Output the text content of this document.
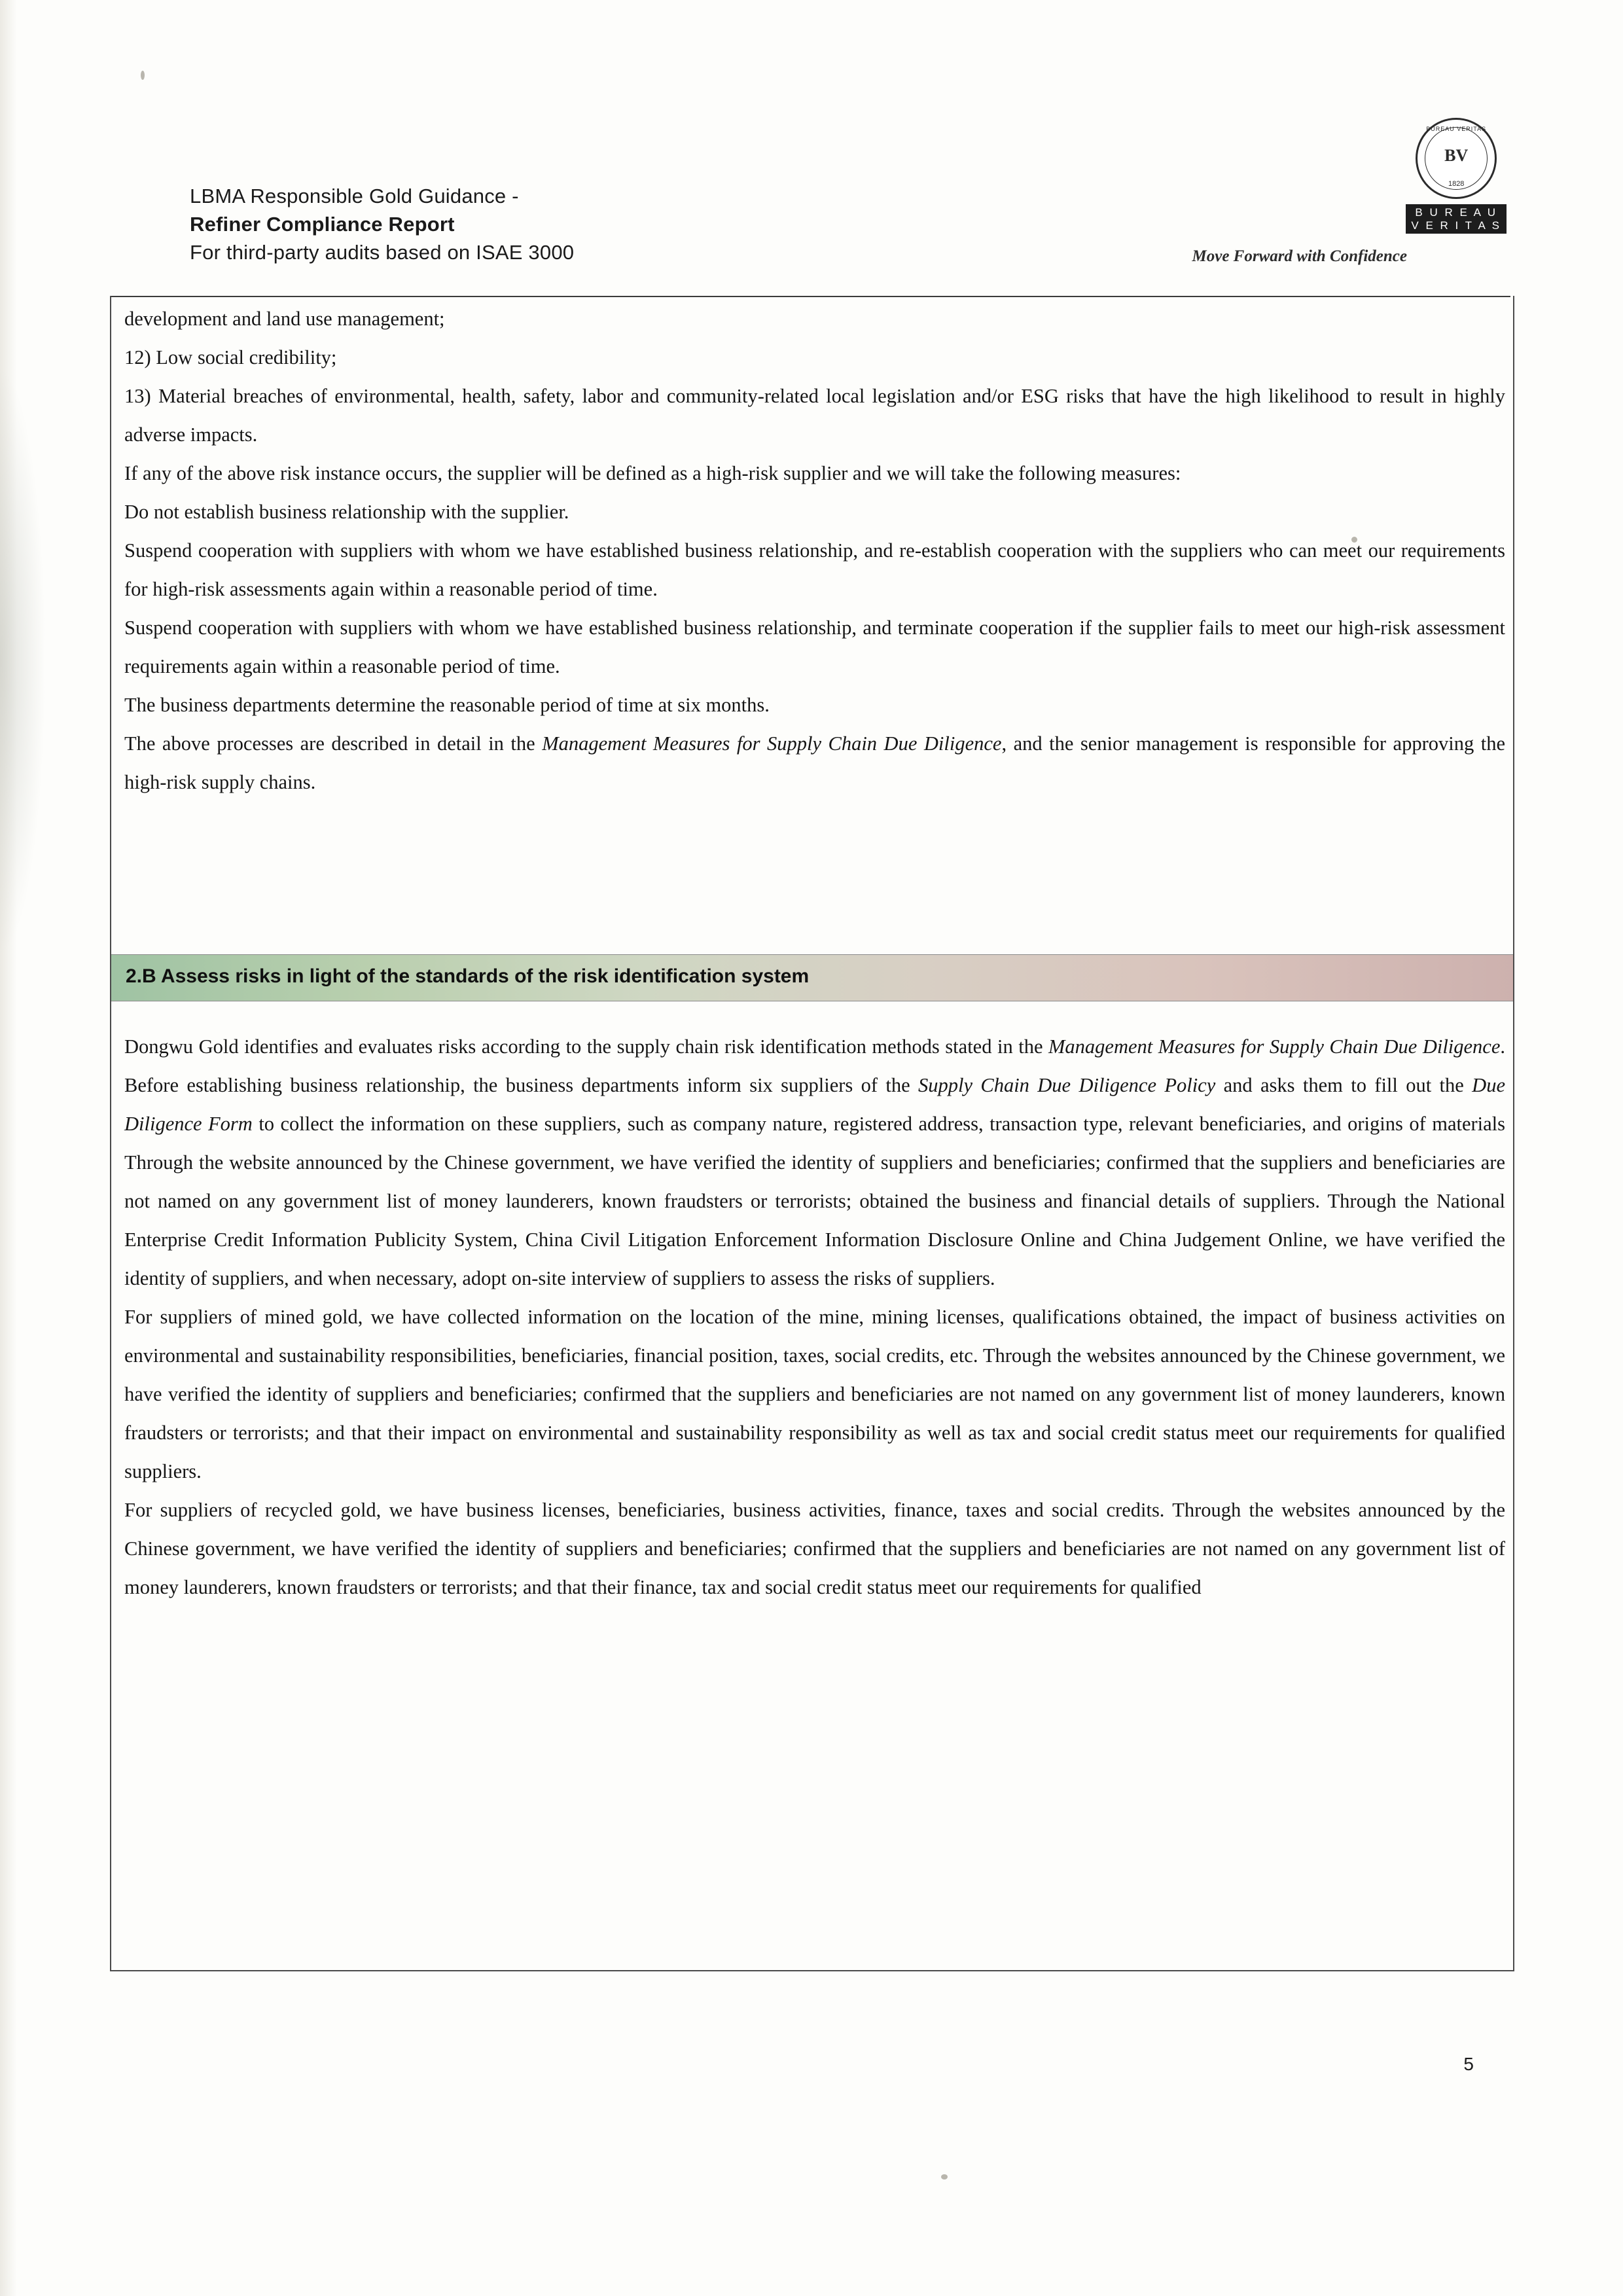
LBMA Responsible Gold Guidance -
Refiner Compliance Report
For third-party audits based on ISAE 3000	Move Forward with Confidence
BUREAU VERITAS
BV
1828
B U R E A U
V E R I T A S

development and land use management;

12) Low social credibility;

13) Material breaches of environmental, health, safety, labor and community-related local legislation and/or ESG risks that have the high likelihood to result in highly adverse impacts.

If any of the above risk instance occurs, the supplier will be defined as a high-risk supplier and we will take the following measures:

Do not establish business relationship with the supplier.

Suspend cooperation with suppliers with whom we have established business relationship, and re-establish cooperation with the suppliers who can meet our requirements for high-risk assessments again within a reasonable period of time.

Suspend cooperation with suppliers with whom we have established business relationship, and terminate cooperation if the supplier fails to meet our high-risk assessment requirements again within a reasonable period of time.

The business departments determine the reasonable period of time at six months.

The above processes are described in detail in the Management Measures for Supply Chain Due Diligence, and the senior management is responsible for approving the high-risk supply chains.

2.B Assess risks in light of the standards of the risk identification system

Dongwu Gold identifies and evaluates risks according to the supply chain risk identification methods stated in the Management Measures for Supply Chain Due Diligence. Before establishing business relationship, the business departments inform six suppliers of the Supply Chain Due Diligence Policy and asks them to fill out the Due Diligence Form to collect the information on these suppliers, such as company nature, registered address, transaction type, relevant beneficiaries, and origins of materials Through the website announced by the Chinese government, we have verified the identity of suppliers and beneficiaries; confirmed that the suppliers and beneficiaries are not named on any government list of money launderers, known fraudsters or terrorists; obtained the business and financial details of suppliers. Through the National Enterprise Credit Information Publicity System, China Civil Litigation Enforcement Information Disclosure Online and China Judgement Online, we have verified the identity of suppliers, and when necessary, adopt on-site interview of suppliers to assess the risks of suppliers.

For suppliers of mined gold, we have collected information on the location of the mine, mining licenses, qualifications obtained, the impact of business activities on environmental and sustainability responsibilities, beneficiaries, financial position, taxes, social credits, etc. Through the websites announced by the Chinese government, we have verified the identity of suppliers and beneficiaries; confirmed that the suppliers and beneficiaries are not named on any government list of money launderers, known fraudsters or terrorists; and that their impact on environmental and sustainability responsibility as well as tax and social credit status meet our requirements for qualified suppliers.

For suppliers of recycled gold, we have business licenses, beneficiaries, business activities, finance, taxes and social credits. Through the websites announced by the Chinese government, we have verified the identity of suppliers and beneficiaries; confirmed that the suppliers and beneficiaries are not named on any government list of money launderers, known fraudsters or terrorists; and that their finance, tax and social credit status meet our requirements for qualified

5
